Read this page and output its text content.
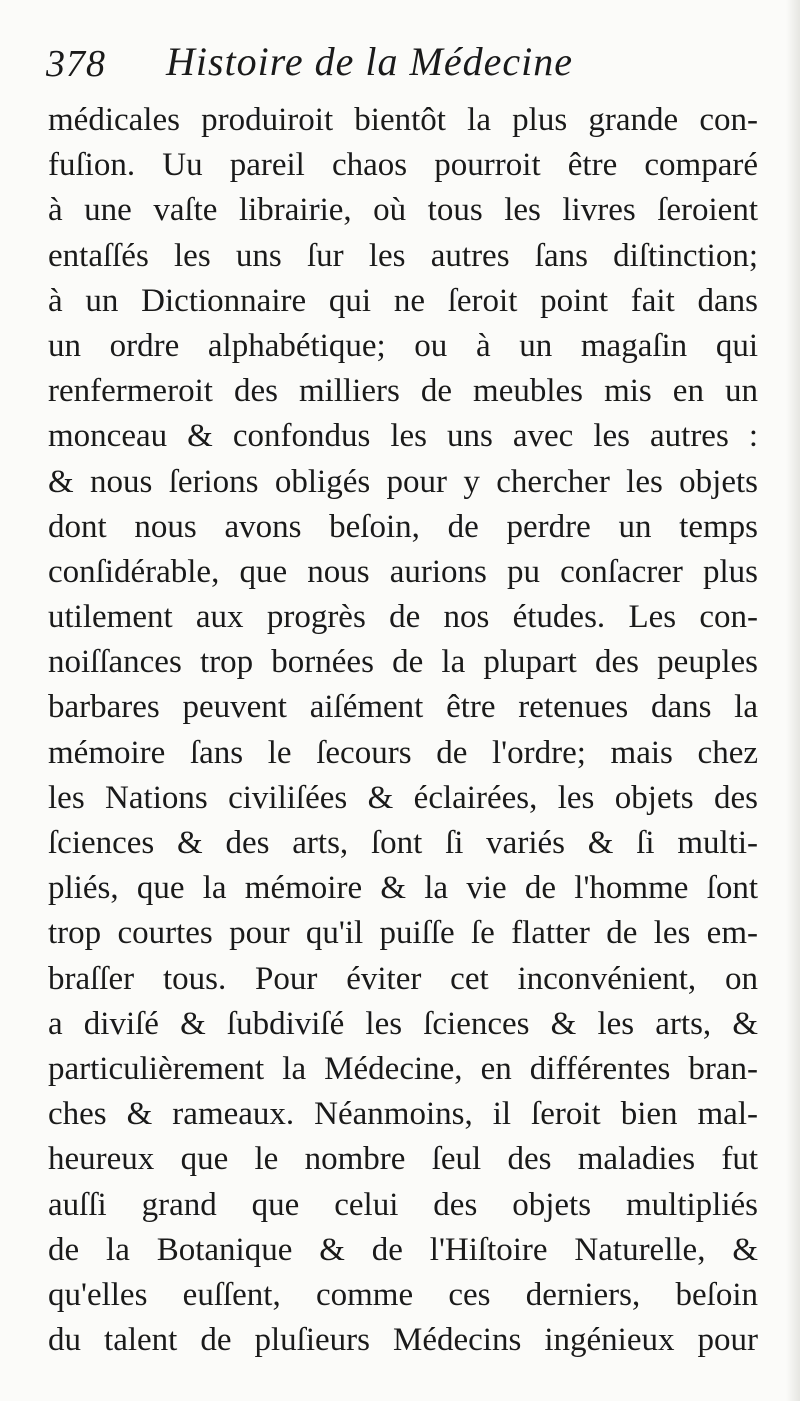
378 Histoire de la Médecine
médicales produiroit bientôt la plus grande con-
fuſion. Uu pareil chaos pourroit être comparé
à une vaſte librairie, où tous les livres ſeroient
entaſſés les uns ſur les autres ſans diſtinction;
à un Dictionnaire qui ne ſeroit point fait dans
un ordre alphabétique; ou à un magaſin qui
renfermeroit des milliers de meubles mis en un
monceau & confondus les uns avec les autres :
& nous ſerions obligés pour y chercher les objets
dont nous avons beſoin, de perdre un temps
conſidérable, que nous aurions pu conſacrer plus
utilement aux progrès de nos études. Les con-
noiſſances trop bornées de la plupart des peuples
barbares peuvent aiſément être retenues dans la
mémoire ſans le ſecours de l'ordre; mais chez
les Nations civiliſées & éclairées, les objets des
ſciences & des arts, ſont ſi variés & ſi multi-
pliés, que la mémoire & la vie de l'homme ſont
trop courtes pour qu'il puiſſe ſe flatter de les em-
braſſer tous. Pour éviter cet inconvénient, on
a diviſé & ſubdiviſé les ſciences & les arts, &
particulièrement la Médecine, en différentes bran-
ches & rameaux. Néanmoins, il ſeroit bien mal-
heureux que le nombre ſeul des maladies fut
auſſi grand que celui des objets multipliés
de la Botanique & de l'Hiſtoire Naturelle, &
qu'elles euſſent, comme ces derniers, beſoin
du talent de pluſieurs Médecins ingénieux pour
